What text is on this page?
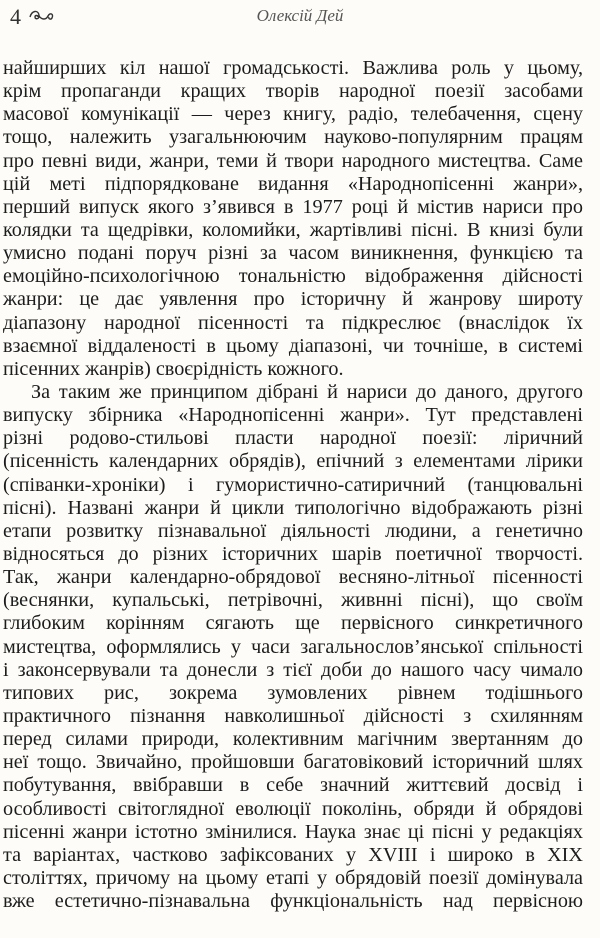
4	Олексій Дей
найширших кіл нашої громадськості. Важлива роль у цьому,
крім пропаганди кращих творів народної поезії засобами
масової комунікації — через книгу, радіо, телебачення, сцену
тощо, належить узагальнюючим науково-популярним працям
про певні види, жанри, теми й твори народного мистецтва. Саме
цій меті підпорядковане видання «Народнопісенні жанри»,
перший випуск якого з’явився в 1977 році й містив нариси про
колядки та щедрівки, коломийки, жартівливі пісні. В книзі були
умисно подані поруч різні за часом виникнення, функцією та
емоційно-психологічною тональністю відображення дійсності
жанри: це дає уявлення про історичну й жанрову широту
діапазону народної пісенності та підкреслює (внаслідок їх
взаємної віддаленості в цьому діапазоні, чи точніше, в системі
пісенних жанрів) своєрідність кожного.
За таким же принципом дібрані й нариси до даного, другого
випуску збірника «Народнопісенні жанри». Тут представлені
різні родово-стильові пласти народної поезії: ліричний
(пісенність календарних обрядів), епічний з елементами лірики
(співанки-хроніки) і гумористично-сатиричний (танцювальні
пісні). Названі жанри й цикли типологічно відображають різні
етапи розвитку пізнавальної діяльності людини, а генетично
відносяться до різних історичних шарів поетичної творчості.
Так, жанри календарно-обрядової весняно-літньої пісенності
(веснянки, купальські, петрівочні, живнні пісні), що своїм
глибоким корінням сягають ще первісного синкретичного
мистецтва, оформлялись у часи загальнослов’янської спільності
і законсервували та донесли з тієї доби до нашого часу чимало
типових рис, зокрема зумовлених рівнем тодішнього
практичного пізнання навколишньої дійсності з схилянням
перед силами природи, колективним магічним звертанням до
неї тощо. Звичайно, пройшовши багатовіковий історичний шлях
побутування, ввібравши в себе значний життєвий досвід і
особливості світоглядної еволюції поколінь, обряди й обрядові
пісенні жанри істотно змінилися. Наука знає ці пісні у редакціях
та варіантах, частково зафіксованих у XVIII і широко в XIX
століттях, причому на цьому етапі у обрядовій поезії домінувала
вже естетично-пізнавальна функціональність над первісною
